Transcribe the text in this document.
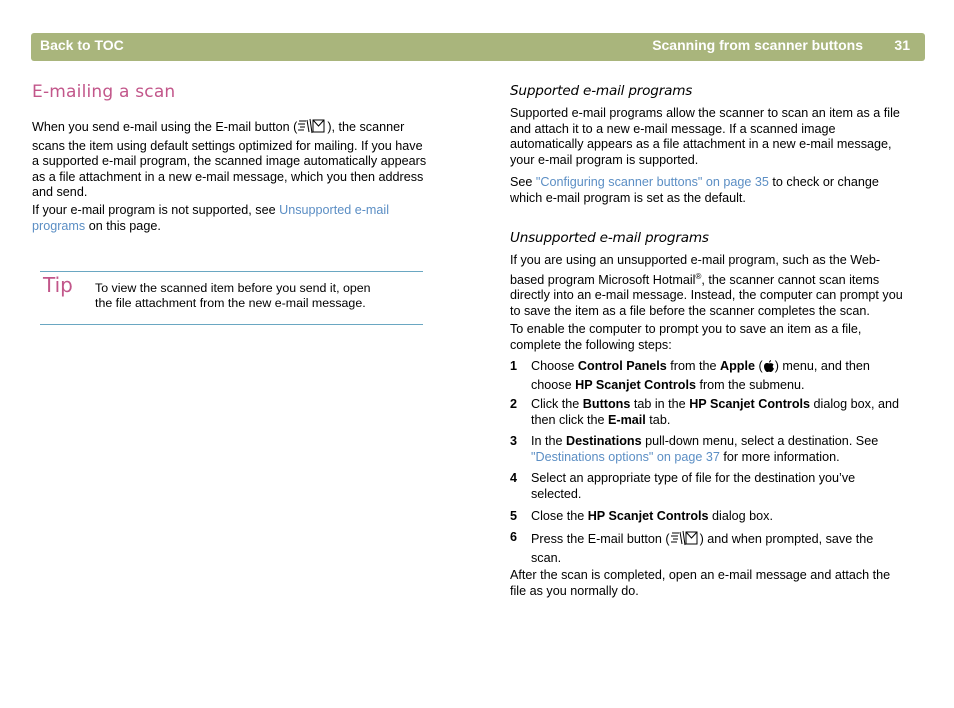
Back to TOC	Scanning from scanner buttons 31
E-mailing a scan
When you send e-mail using the E-mail button ( ), the scanner
scans the item using default settings optimized for mailing. If you have
a supported e-mail program, the scanned image automatically appears
as a file attachment in a new e-mail message, which you then address
and send.
If your e-mail program is not supported, see Unsupported e-mail
programs on this page.
Tip To view the scanned item before you send it, open
the file attachment from the new e-mail message.
Supported e-mail programs
Supported e-mail programs allow the scanner to scan an item as a file
and attach it to a new e-mail message. If a scanned image
automatically appears as a file attachment in a new e-mail message,
your e-mail program is supported.
See "Configuring scanner buttons" on page 35 to check or change
which e-mail program is set as the default.
Unsupported e-mail programs
If you are using an unsupported e-mail program, such as the Web-
based program Microsoft Hotmail®, the scanner cannot scan items
directly into an e-mail message. Instead, the computer can prompt you
to save the item as a file before the scanner completes the scan.
To enable the computer to prompt you to save an item as a file,
complete the following steps:
1 Choose Control Panels from the Apple ( ) menu, and then
choose HP Scanjet Controls from the submenu.
2 Click the Buttons tab in the HP Scanjet Controls dialog box, and
then click the E-mail tab.
3 In the Destinations pull-down menu, select a destination. See
"Destinations options" on page 37 for more information.
4 Select an appropriate type of file for the destination you’ve
selected.
5 Close the HP Scanjet Controls dialog box.
6 Press the E-mail button ( ) and when prompted, save the
scan.
After the scan is completed, open an e-mail message and attach the
file as you normally do.
